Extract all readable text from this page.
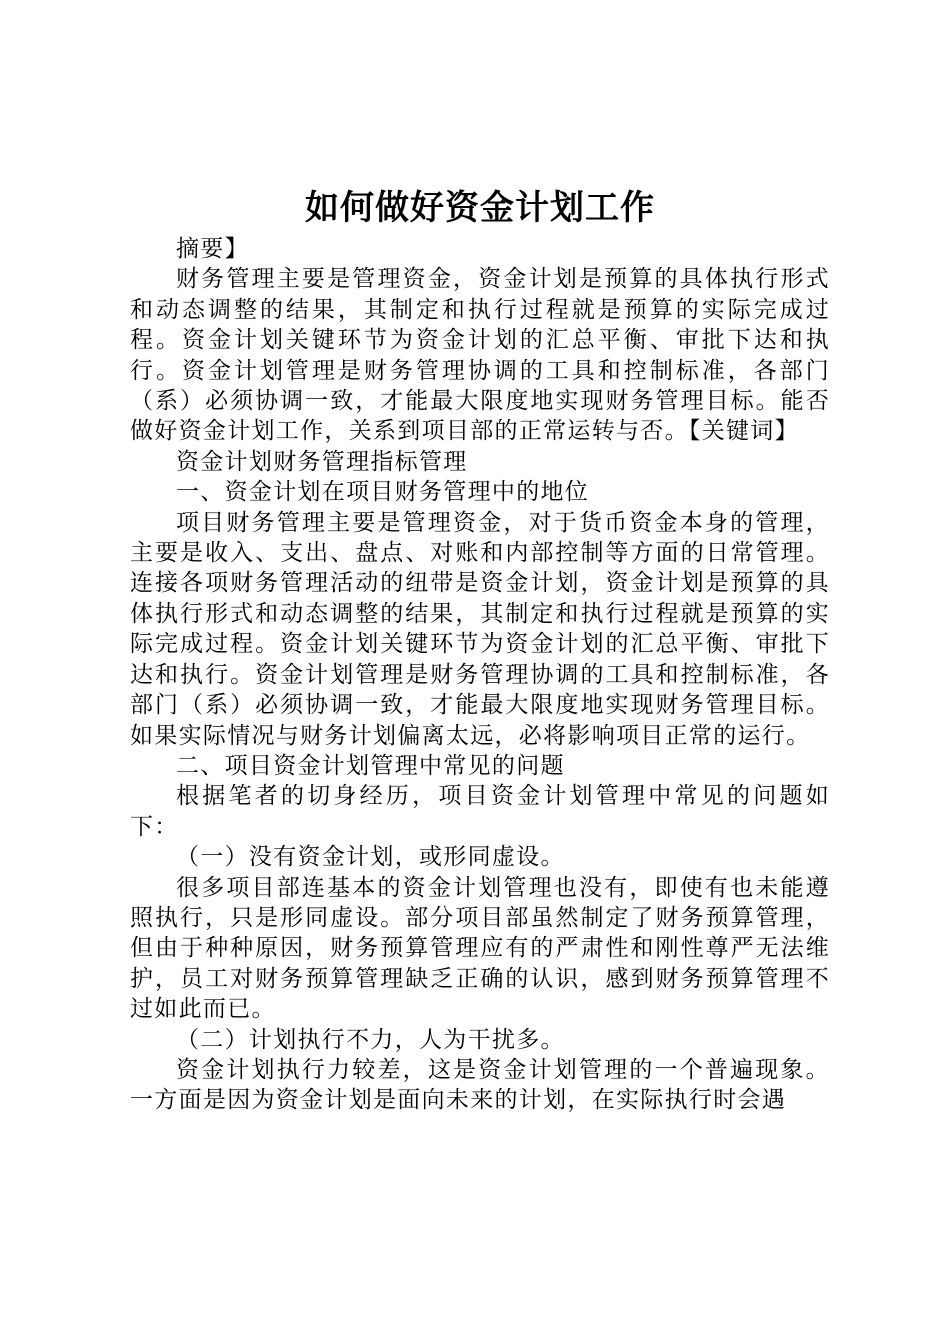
如何做好资金计划工作

摘要】

财务管理主要是管理资金，资金计划是预算的具体执行形式和动态调整的结果，其制定和执行过程就是预算的实际完成过程。资金计划关键环节为资金计划的汇总平衡、审批下达和执行。资金计划管理是财务管理协调的工具和控制标准，各部门（系）必须协调一致，才能最大限度地实现财务管理目标。能否做好资金计划工作，关系到项目部的正常运转与否。【关键词】

资金计划财务管理指标管理

一、资金计划在项目财务管理中的地位

项目财务管理主要是管理资金，对于货币资金本身的管理，主要是收入、支出、盘点、对账和内部控制等方面的日常管理。连接各项财务管理活动的纽带是资金计划，资金计划是预算的具体执行形式和动态调整的结果，其制定和执行过程就是预算的实际完成过程。资金计划关键环节为资金计划的汇总平衡、审批下达和执行。资金计划管理是财务管理协调的工具和控制标准，各部门（系）必须协调一致，才能最大限度地实现财务管理目标。如果实际情况与财务计划偏离太远，必将影响项目正常的运行。

二、项目资金计划管理中常见的问题

根据笔者的切身经历，项目资金计划管理中常见的问题如下：

（一）没有资金计划，或形同虚设。

很多项目部连基本的资金计划管理也没有，即使有也未能遵照执行，只是形同虚设。部分项目部虽然制定了财务预算管理，但由于种种原因，财务预算管理应有的严肃性和刚性尊严无法维护，员工对财务预算管理缺乏正确的认识，感到财务预算管理不过如此而已。

（二）计划执行不力，人为干扰多。

资金计划执行力较差，这是资金计划管理的一个普遍现象。一方面是因为资金计划是面向未来的计划，在实际执行时会遇
